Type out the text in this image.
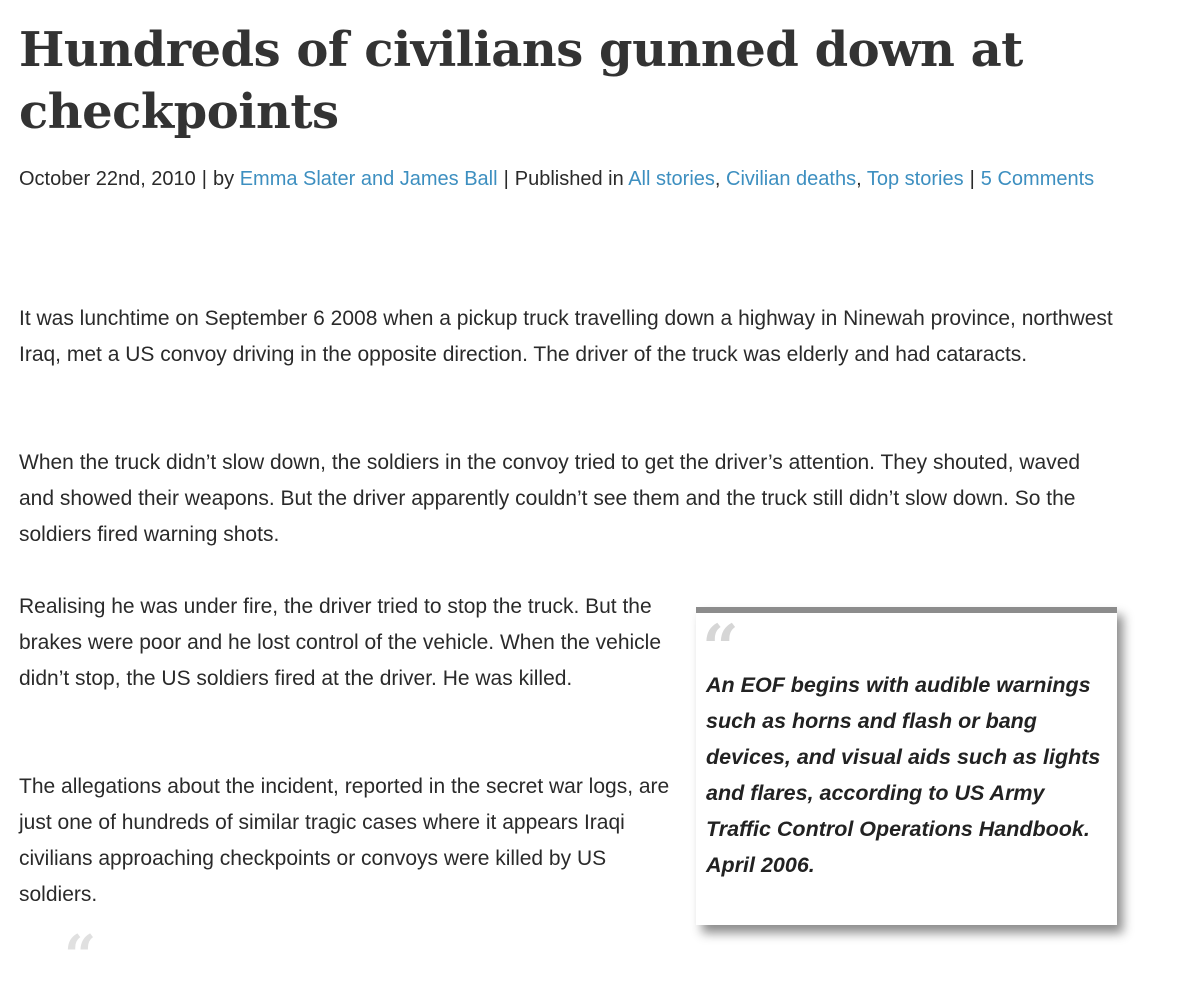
Hundreds of civilians gunned down at checkpoints
October 22nd, 2010 | by Emma Slater and James Ball | Published in All stories, Civilian deaths, Top stories | 5 Comments

It was lunchtime on September 6 2008 when a pickup truck travelling down a highway in Ninewah province, northwest Iraq, met a US convoy driving in the opposite direction. The driver of the truck was elderly and had cataracts.

When the truck didn’t slow down, the soldiers in the convoy tried to get the driver’s attention. They shouted, waved and showed their weapons. But the driver apparently couldn’t see them and the truck still didn’t slow down. So the soldiers fired warning shots.

Realising he was under fire, the driver tried to stop the truck. But the brakes were poor and he lost control of the vehicle. When the vehicle didn’t stop, the US soldiers fired at the driver. He was killed.

The allegations about the incident, reported in the secret war logs, are just one of hundreds of similar tragic cases where it appears Iraqi civilians approaching checkpoints or convoys were killed by US soldiers.

“

An EOF begins with audible warnings such as horns and flash or bang devices, and visual aids such as lights and flares, according to US Army Traffic Control Operations Handbook. April 2006.

“
